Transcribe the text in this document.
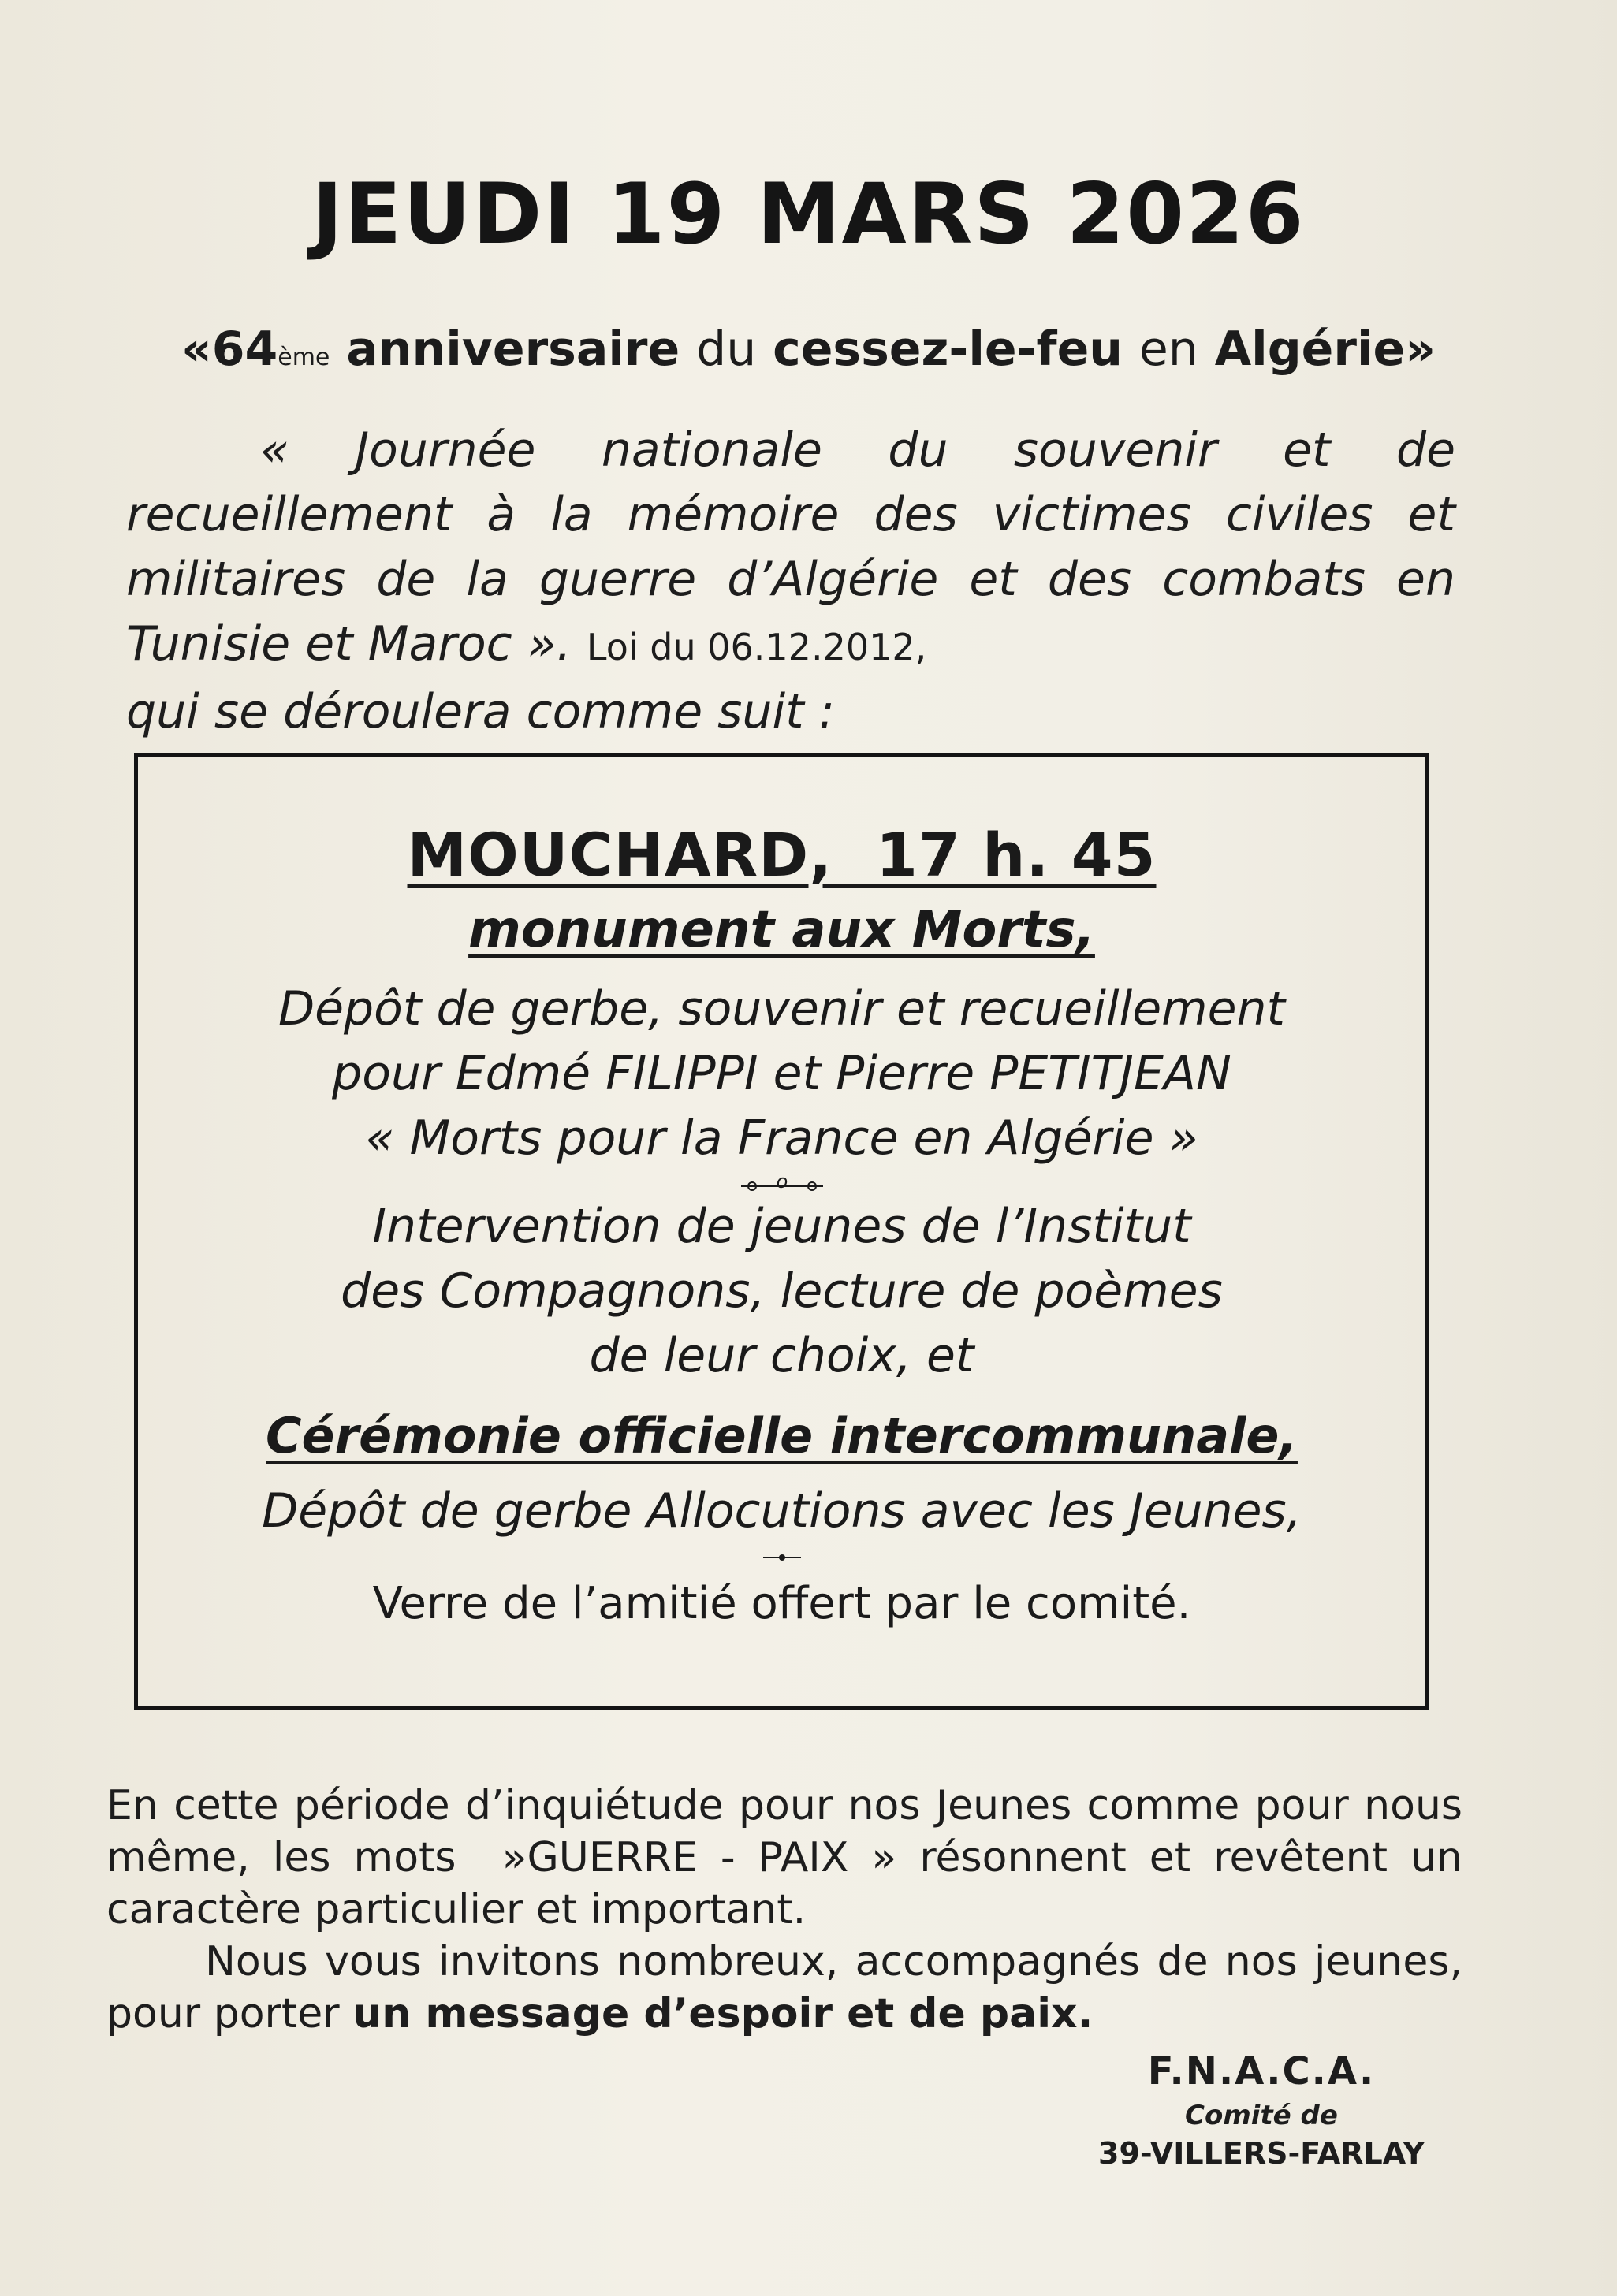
JEUDI 19 MARS 2026
«64ème anniversaire du cessez-le-feu en Algérie»
« Journée nationale du souvenir et de
recueillement à la mémoire des victimes civiles et
militaires de la guerre d’Algérie et des combats en
Tunisie et Maroc ». Loi du 06.12.2012,
qui se déroulera comme suit :
MOUCHARD,  17 h. 45
monument aux Morts,
Dépôt de gerbe, souvenir et recueillement
pour Edmé FILIPPI et Pierre PETITJEAN
« Morts pour la France en Algérie »
o
Intervention de jeunes de l’Institut
des Compagnons, lecture de poèmes
de leur choix, et
Cérémonie officielle intercommunale,
Dépôt de gerbe Allocutions avec les Jeunes,
Verre de l’amitié offert par le comité.
En cette période d’inquiétude pour nos Jeunes comme pour nous
même, les mots  »GUERRE - PAIX » résonnent et revêtent un
caractère particulier et important.
Nous vous invitons nombreux, accompagnés de nos jeunes,
pour porter un message d’espoir et de paix.
F.N.A.C.A.
Comité de
39-VILLERS-FARLAY
